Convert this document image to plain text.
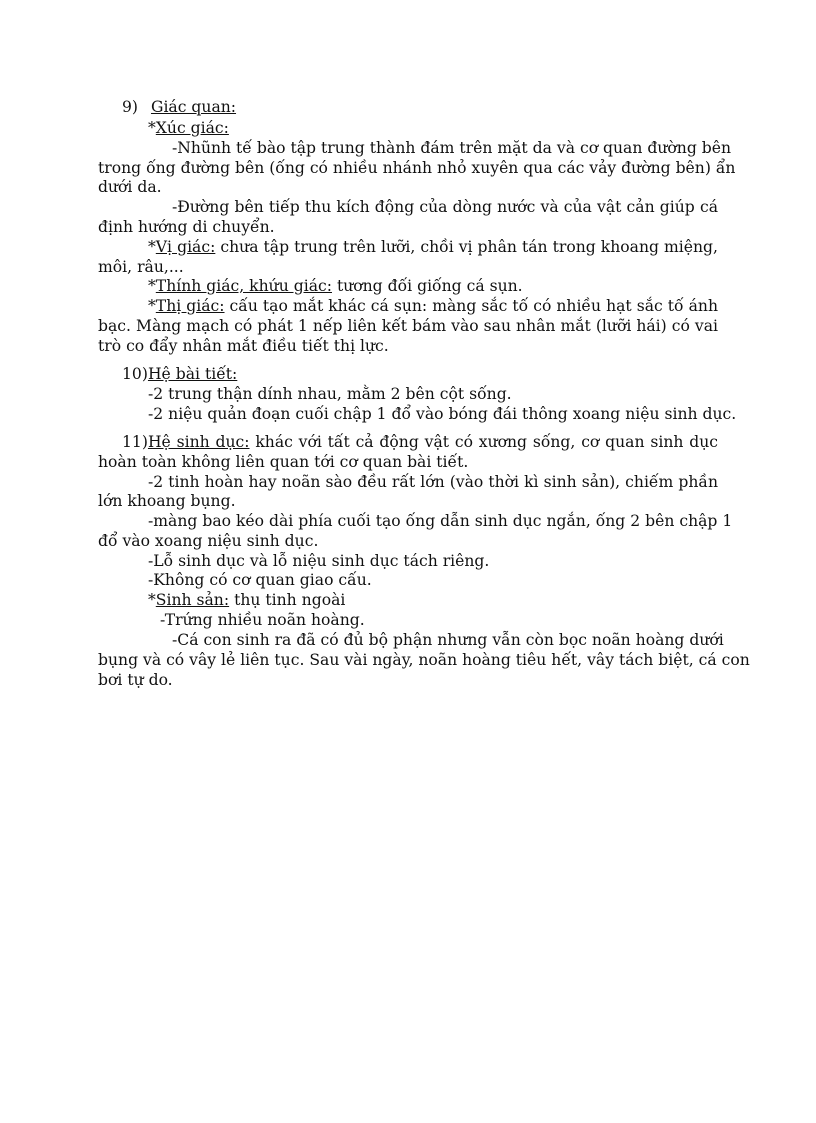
9) Giác quan:
*Xúc giác:
-Nhũnh tế bào tập trung thành đám trên mặt da và cơ quan đường bên
trong ống đường bên (ống có nhiều nhánh nhỏ xuyên qua các vảy đường bên) ẩn
dưới da.
-Đường bên tiếp thu kích động của dòng nước và của vật cản giúp cá
định hướng di chuyển.
*Vị giác: chưa tập trung trên lưỡi, chồi vị phân tán trong khoang miệng,
môi, râu,...
*Thính giác, khứu giác: tương đối giống cá sụn.
*Thị giác: cấu tạo mắt khác cá sụn: màng sắc tố có nhiều hạt sắc tố ánh
bạc. Màng mạch có phát 1 nếp liên kết bám vào sau nhân mắt (lưỡi hái) có vai
trò co đẩy nhân mắt điều tiết thị lực.
10)Hệ bài tiết:
-2 trung thận dính nhau, mằm 2 bên cột sống.
-2 niệu quản đoạn cuối chập 1 đổ vào bóng đái thông xoang niệu sinh dục.
11)Hệ sinh dục: khác với tất cả động vật có xương sống, cơ quan sinh dục
hoàn toàn không liên quan tới cơ quan bài tiết.
-2 tinh hoàn hay noãn sào đều rất lớn (vào thời kì sinh sản), chiếm phần
lớn khoang bụng.
-màng bao kéo dài phía cuối tạo ống dẫn sinh dục ngắn, ống 2 bên chập 1
đổ vào xoang niệu sinh dục.
-Lỗ sinh dục và lỗ niệu sinh dục tách riêng.
-Không có cơ quan giao cấu.
*Sinh sản: thụ tinh ngoài
-Trứng nhiều noãn hoàng.
-Cá con sinh ra đã có đủ bộ phận nhưng vẫn còn bọc noãn hoàng dưới
bụng và có vây lẻ liên tục. Sau vài ngày, noãn hoàng tiêu hết, vây tách biệt, cá con
bơi tự do.
